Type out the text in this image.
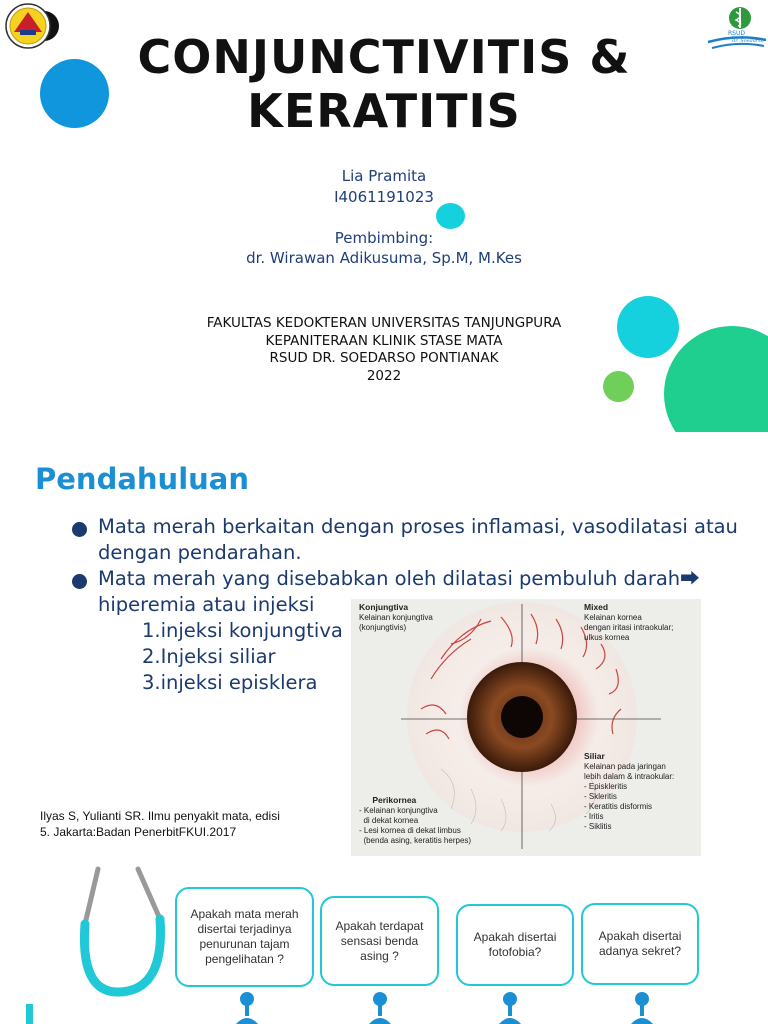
RSUD
dr. Soedarso
CONJUNCTIVITIS &
KERATITIS
Lia Pramita
I4061191023
Pembimbing:
dr. Wirawan Adikusuma, Sp.M, M.Kes
FAKULTAS KEDOKTERAN UNIVERSITAS TANJUNGPURA
KEPANITERAAN KLINIK STASE MATA
RSUD DR. SOEDARSO PONTIANAK
2022
Pendahuluan
Mata merah berkaitan dengan proses inflamasi, vasodilatasi atau dengan pendarahan.
Mata merah yang disebabkan oleh dilatasi pembuluh darah⮕ hiperemia atau injeksi
1.injeksi konjungtiva
2.Injeksi siliar
3.injeksi episklera
Konjungtiva
Kelainan konjungtiva
(konjungtivis)
Mixed
Kelainan kornea
dengan iritasi intraokular;
ulkus kornea
Siliar
Kelainan pada jaringan
lebih dalam & intraokular:
- Episkleritis
- Skleritis
- Keratitis disformis
- Iritis
- Siklitis

Perikornea
- Kelainan konjungtiva
di dekat kornea
- Lesi kornea di dekat limbus
(benda asing, keratitis herpes)

Ilyas S, Yulianti SR. Ilmu penyakit mata, edisi 5. Jakarta:Badan PenerbitFKUI.2017
Apakah mata merah disertai terjadinya penurunan tajam pengelihatan ?
Apakah terdapat sensasi benda asing ?
Apakah disertai fotofobia?
Apakah disertai adanya sekret?
